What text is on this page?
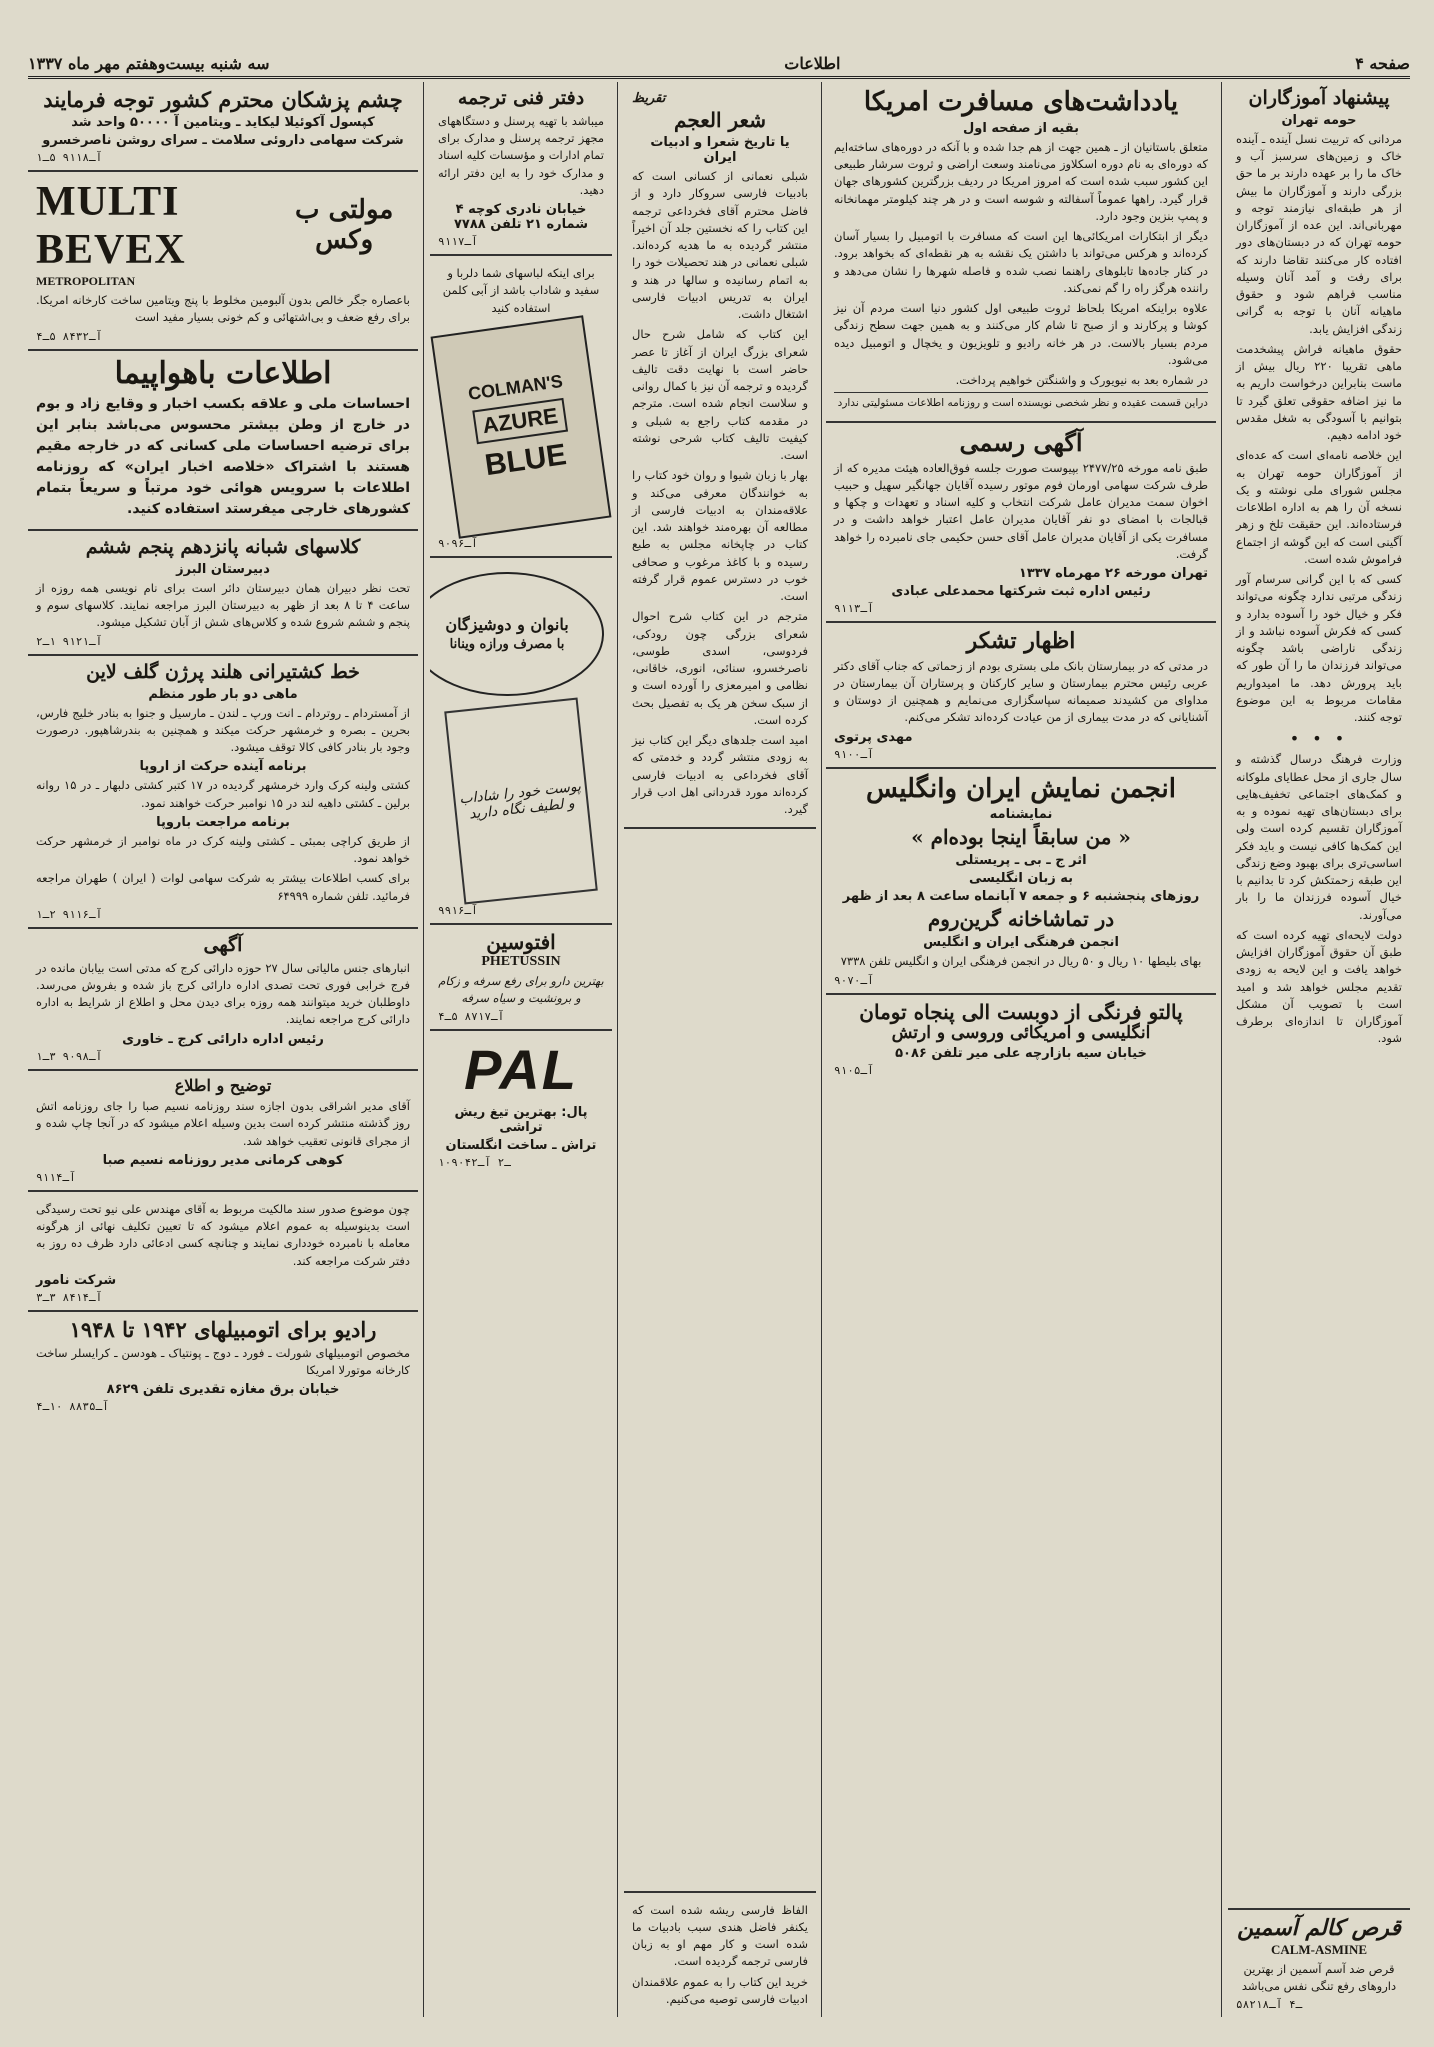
صفحه ۴
اطلاعات
سه شنبه بیست‌وهفتم مهر ماه ۱۳۳۷
پیشنهاد آموزگاران
حومه تهران

مردانی که تربیت نسل آینده ـ آینده خاک و زمین‌های سرسبز آب و خاک ما را بر عهده دارند بر ما حق بزرگی دارند و آموزگاران ما بیش از هر طبقه‌ای نیازمند توجه و مهربانی‌اند. این عده از آموزگاران حومه تهران که در دبستان‌های دور افتاده کار می‌کنند تقاضا دارند که برای رفت و آمد آنان وسیله مناسب فراهم شود و حقوق ماهیانه آنان با توجه به گرانی زندگی افزایش یابد.

حقوق ماهیانه فراش پیشخدمت ماهی تقریبا ۲۲۰ ریال بیش از ماست بنابراین درخواست داریم به ما نیز اضافه حقوقی تعلق گیرد تا بتوانیم با آسودگی به شغل مقدس خود ادامه دهیم.

این خلاصه نامه‌ای است که عده‌ای از آموزگاران حومه تهران به مجلس شورای ملی نوشته و یک نسخه آن را هم به اداره اطلاعات فرستاده‌اند. این حقیقت تلخ و زهر آگینی است که این گوشه از اجتماع فراموش شده است.

کسی که با این گرانی سرسام آور زندگی مرتبی ندارد چگونه می‌تواند فکر و خیال خود را آسوده بدارد و کسی که فکرش آسوده نباشد و از زندگی ناراضی باشد چگونه می‌تواند فرزندان ما را آن طور که باید پرورش دهد. ما امیدواریم مقامات مربوط به این موضوع توجه کنند.

• • •

وزارت فرهنگ درسال گذشته و سال جاری از محل عطایای ملوکانه و کمک‌های اجتماعی تخفیف‌هایی برای دبستان‌های تهیه نموده و به آموزگاران تقسیم کرده است ولی این کمک‌ها کافی نیست و باید فکر اساسی‌تری برای بهبود وضع زندگی این طبقه زحمتکش کرد تا بدانیم با خیال آسوده فرزندان ما را بار می‌آورند.

دولت لایحه‌ای تهیه کرده است که طبق آن حقوق آموزگاران افزایش خواهد یافت و این لایحه به زودی تقدیم مجلس خواهد شد و امید است با تصویب آن مشکل آموزگاران تا اندازه‌ای برطرف شود.

قرص کالم آسمین
CALM-ASMINE
قرص ضد آسم آسمین از بهترین داروهای رفع تنگی نفس می‌باشد
۵ـ۴ آـ۸۲۱۸
یادداشت‌های مسافرت امریکا
بقیه از صفحه اول

متعلق باستانیان از ـ همین جهت از هم جدا شده و با آنکه در دوره‌های ساخته‌ایم که دوره‌ای به نام دوره اسکلاوز می‌نامند وسعت اراضی و ثروت سرشار طبیعی این کشور سبب شده است که امروز امریکا در ردیف بزرگترین کشورهای جهان قرار گیرد. راهها عموماً آسفالته و شوسه است و در هر چند کیلومتر مهمانخانه و پمپ بنزین وجود دارد.

دیگر از ابتکارات امریکائی‌ها این است که مسافرت با اتومبیل را بسیار آسان کرده‌اند و هرکس می‌تواند با داشتن یک نقشه به هر نقطه‌ای که بخواهد برود. در کنار جاده‌ها تابلوهای راهنما نصب شده و فاصله شهرها را نشان می‌دهد و راننده هرگز راه را گم نمی‌کند.

علاوه براینکه امریکا بلحاظ ثروت طبیعی اول کشور دنیا است مردم آن نیز کوشا و پرکارند و از صبح تا شام کار می‌کنند و به همین جهت سطح زندگی مردم بسیار بالاست. در هر خانه رادیو و تلویزیون و یخچال و اتومبیل دیده می‌شود.

در شماره بعد به نیویورک و واشنگتن خواهیم پرداخت.

دراین قسمت عقیده و نظر شخصی نویسنده است و روزنامه اطلاعات مسئولیتی ندارد

آگهی رسمی

طبق نامه مورخه ۲۴۷۷/۲۵ بپیوست صورت جلسه فوق‌العاده هیئت مدیره که از طرف شرکت سهامی اورمان فوم موتور رسیده آقایان جهانگیر سهیل و حبیب اخوان سمت مدیران عامل شرکت انتخاب و کلیه اسناد و تعهدات و چکها و قبالجات با امضای دو نفر آقایان مدیران عامل اعتبار خواهد داشت و در مسافرت یکی از آقایان مدیران عامل آقای حسن حکیمی جای نامبرده را خواهد گرفت.

تهران مورخه ۲۶ مهرماه ۱۳۳۷
رئیس اداره ثبت شرکتها محمدعلی عبادی
آـ۹۱۱۳
اظهار تشکر

در مدتی که در بیمارستان بانک ملی بستری بودم از زحماتی که جناب آقای دکتر عربی رئیس محترم بیمارستان و سایر کارکنان و پرستاران آن بیمارستان در مداوای من کشیدند صمیمانه سپاسگزاری می‌نمایم و همچنین از دوستان و آشنایانی که در مدت بیماری از من عیادت کرده‌اند تشکر می‌کنم.

مهدی پرتوی
آـ۹۱۰۰
انجمن نمایش ایران وانگلیس
نمایشنامه
« من سابقاً اینجا بوده‌ام »
اثر ج ـ بی ـ پریستلی
به زبان انگلیسی
روزهای پنجشنبه ۶ و جمعه ۷ آبانماه ساعت ۸ بعد از ظهر
در تماشاخانه گرین‌روم
انجمن فرهنگی ایران و انگلیس

بهای بلیطها ۱۰ ریال و ۵۰ ریال در انجمن فرهنگی ایران و انگلیس تلفن ۷۳۳۸

آـ۹۰۷۰
پالتو فرنگی از دوبست الی پنجاه تومان
انگلیسی و امریکائی وروسی و ارتش
خیابان سیه بازارچه علی میر تلفن ۵۰۸۶
آـ۹۱۰۵
تقریظ
شعر العجم
یا تاریخ شعرا و ادبیات ایران

شبلی نعمانی از کسانی است که بادبیات فارسی سروکار دارد و از فاضل محترم آقای فخرداعی ترجمه این کتاب را که نخستین جلد آن اخیراً منتشر گردیده به ما هدیه کرده‌اند. شبلی نعمانی در هند تحصیلات خود را به اتمام رسانیده و سالها در هند و ایران به تدریس ادبیات فارسی اشتغال داشت.

این کتاب که شامل شرح حال شعرای بزرگ ایران از آغاز تا عصر حاضر است با نهایت دقت تالیف گردیده و ترجمه آن نیز با کمال روانی و سلاست انجام شده است. مترجم در مقدمه کتاب راجع به شبلی و کیفیت تالیف کتاب شرحی نوشته است.

بهار با زبان شیوا و روان خود کتاب را به خوانندگان معرفی می‌کند و علاقه‌مندان به ادبیات فارسی از مطالعه آن بهره‌مند خواهند شد. این کتاب در چاپخانه مجلس به طبع رسیده و با کاغذ مرغوب و صحافی خوب در دسترس عموم قرار گرفته است.

مترجم در این کتاب شرح احوال شعرای بزرگی چون رودکی، فردوسی، اسدی طوسی، ناصرخسرو، سنائی، انوری، خاقانی، نظامی و امیرمعزی را آورده است و از سبک سخن هر یک به تفصیل بحث کرده است.

امید است جلدهای دیگر این کتاب نیز به زودی منتشر گردد و خدمتی که آقای فخرداعی به ادبیات فارسی کرده‌اند مورد قدردانی اهل ادب قرار گیرد.

الفاظ فارسی ریشه شده است که یکنفر فاضل هندی سبب بادبیات ما شده است و کار مهم او به زبان فارسی ترجمه گردیده است.

خرید این کتاب را به عموم علاقمندان ادبیات فارسی توصیه می‌کنیم.

دفتر فنی ترجمه

میباشد با تهیه پرسنل و دستگاههای مجهز ترجمه پرسنل و مدارک برای تمام ادارات و مؤسسات کلیه اسناد و مدارک خود را به این دفتر ارائه دهید.

خیابان نادری کوچه ۴ شماره ۲۱ تلفن ۷۷۸۸
آـ۹۱۱۷

برای اینکه لباسهای شما دلربا و سفید و شاداب باشد از آبی کلمن استفاده کنید

COLMAN'S
AZURE
BLUE
آـ۹۰۹۶
بانوان و دوشیزگان
با مصرف ورازه وینانا
پوست خود را شاداب و لطیف نگاه دارید
آـ۹۹۱۶
افتوسین
PHETUSSIN

بهترین دارو برای رفع سرفه و زکام و برونشیت و سیاه سرفه

آـ۸۷۱۷ ۵ـ۴
PAL
پال: بهترین تیغ ریش تراشی
تراش ـ ساخت انگلستان
۱۰ـ۲ آـ۹۰۴۲
چشم پزشکان محترم کشور توجه فرمایند
کپسول آکوئیلا لیکاید ـ ویتامین آ ۵۰۰۰۰ واحد شد
شرکت سهامی داروئی سلامت ـ سرای روشن ناصرخسرو
آـ۹۱۱۸ ۵ـ۱
مولتی ب وکس
MULTI BEVEX
METROPOLITAN

باعصاره جگر خالص بدون آلبومین مخلوط با پنج ویتامین ساخت کارخانه امریکا. برای رفع ضعف و بی‌اشتهائی و کم خونی بسیار مفید است

آـ۸۴۳۲ ۵ـ۴
اطلاعات باهواپیما

احساسات ملی و علاقه بکسب اخبار و وقایع زاد و بوم در خارج از وطن بیشتر محسوس می‌باشد بنابر این برای ترضیه احساسات ملی کسانی که در خارجه مقیم هستند با اشتراک «خلاصه اخبار ایران» که روزنامه اطلاعات با سرویس هوائی خود مرتباً و سریعاً بتمام کشورهای خارجی میفرستد استفاده کنید.

کلاسهای شبانه پانزدهم پنجم ششم
دبیرستان البرز

تحت نظر دبیران همان دبیرستان دائر است برای نام نویسی همه روزه از ساعت ۴ تا ۸ بعد از ظهر به دبیرستان البرز مراجعه نمایند. کلاسهای سوم و پنجم و ششم شروع شده و کلاس‌های شش از آبان تشکیل میشود.

آـ۹۱۲۱ ۱ـ۲
خط کشتیرانی هلند پرژن گلف لاین
ماهی دو بار طور منظم

از آمستردام ـ روتردام ـ انت ورپ ـ لندن ـ مارسیل و جنوا به بنادر خلیج فارس، بحرین ـ بصره و خرمشهر حرکت میکند و همچنین به بندرشاهپور. درصورت وجود بار بنادر کافی کالا توقف میشود.

برنامه آینده حرکت از اروپا

کشتی ولینه کرک وارد خرمشهر گردیده در ۱۷ کتبر کشتی دلبهار ـ در ۱۵ روانه برلین ـ کشتی داهیه لند در ۱۵ نوامبر حرکت خواهند نمود.

برنامه مراجعت باروپا

از طریق کراچی بمبئی ـ کشتی ولینه کرک در ماه نوامبر از خرمشهر حرکت خواهد نمود.

برای کسب اطلاعات بیشتر به شرکت سهامی لوات ( ایران ) طهران مراجعه فرمائید. تلفن شماره ۶۴۹۹۹

آـ۹۱۱۶ ۲ـ۱
آگهی

انبارهای جنس مالیاتی سال ۲۷ حوزه دارائی کرج که مدتی است بیابان مانده در فرج خرابی فوری تحت تصدی اداره دارائی کرج باز شده و بفروش می‌رسد. داوطلبان خرید میتوانند همه روزه برای دیدن محل و اطلاع از شرایط به اداره دارائی کرج مراجعه نمایند.

رئیس اداره دارائی کرج ـ خاوری
آـ۹۰۹۸ ۳ـ۱
توضیح و اطلاع

آقای مدیر اشراقی بدون اجازه سند روزنامه نسیم صبا را جای روزنامه اتش روز گذشته منتشر کرده است بدین وسیله اعلام میشود که در آنجا چاپ شده و از مجرای قانونی تعقیب خواهد شد.

کوهی کرمانی مدیر روزنامه نسیم صبا
آـ۹۱۱۴

چون موضوع صدور سند مالکیت مربوط به آقای مهندس علی نیو تحت رسیدگی است بدینوسیله به عموم اعلام میشود که تا تعیین تکلیف نهائی از هرگونه معامله با نامبرده خودداری نمایند و چنانچه کسی ادعائی دارد ظرف ده روز به دفتر شرکت مراجعه کند.

شرکت نامور
آـ۸۴۱۴ ۳ـ۳
رادیو برای اتومبیلهای ۱۹۴۲ تا ۱۹۴۸

مخصوص اتومبیلهای شورلت ـ فورد ـ دوج ـ پونتیاک ـ هودسن ـ کرایسلر ساخت کارخانه موتورلا امریکا

خیابان برق مغازه تقدیری تلفن ۸۶۲۹
آـ۸۸۳۵ ۱۰ـ۴
